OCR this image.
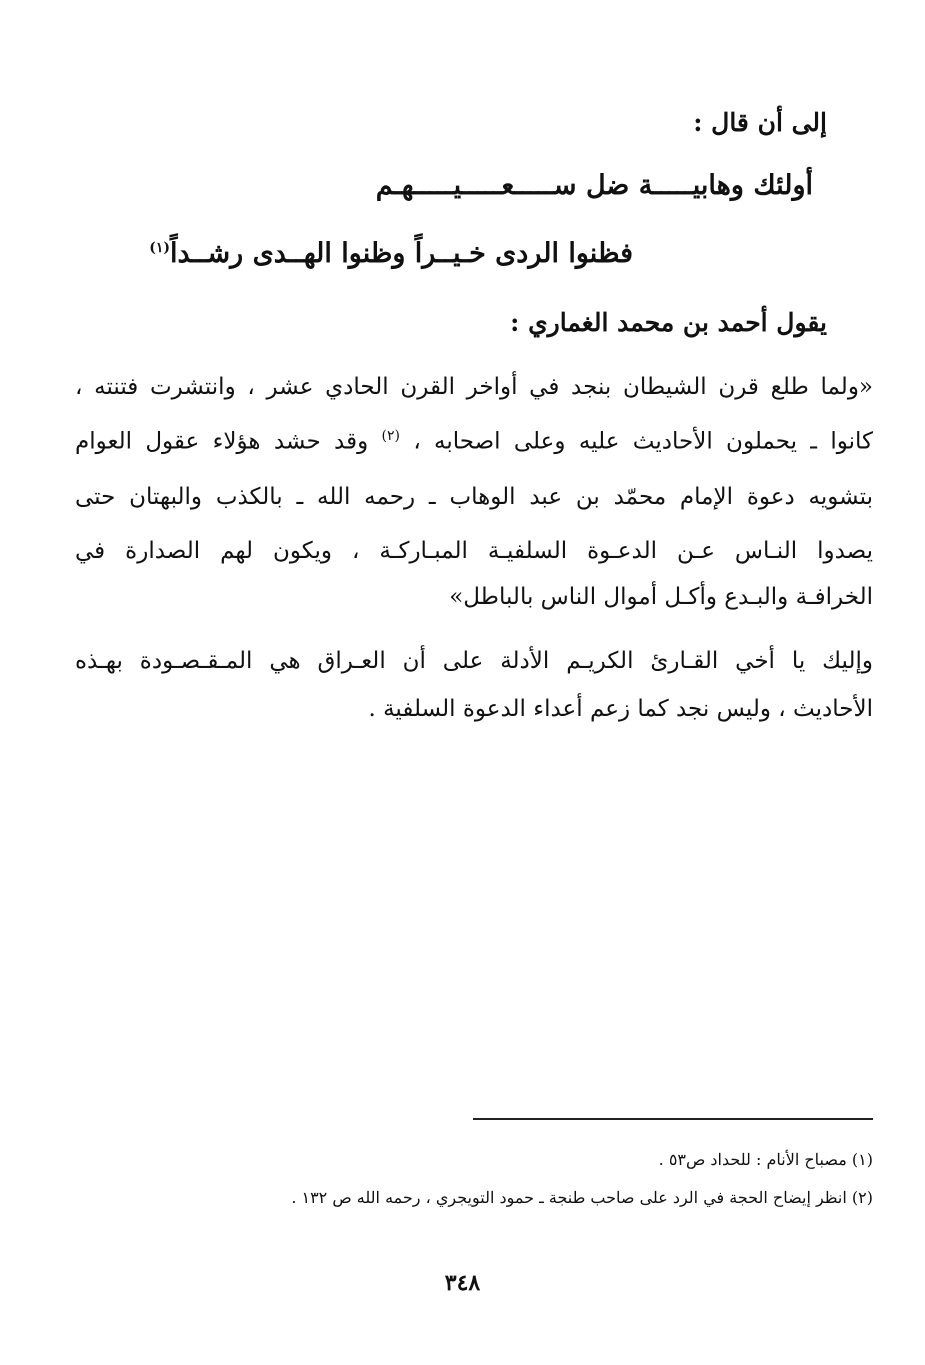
إلى أن قال :
أولئك وهابيـــــة ضل ســـــعـــــيـــــهـم
فظنوا الردى خـيــراً وظنوا الهــدى رشــداً$^{(١)}$
يقول أحمد بن محمد الغماري :
«ولما طلع قرن الشيطان بنجد في أواخر القرن الحادي عشر ، وانتشرت فتنته ،
كانوا ـ يحملون الأحاديث عليه وعلى اصحابه ، $^{(٢)}$ وقد حشد هؤلاء عقول العوام
بتشويه دعوة الإمام محمّد بن عبد الوهاب ـ رحمه الله ـ بالكذب والبهتان حتى
يصدوا النـاس عـن الدعـوة السلفيـة المبـاركـة ، ويكون لهم الصدارة في
الخرافـة والبـدع وأكـل أموال الناس بالباطل»
وإليك يا أخي القـارئ الكريـم الأدلة على أن العـراق هي المـقـصـودة بهـذه
الأحاديث ، وليس نجد كما زعم أعداء الدعوة السلفية .
(١) مصباح الأنام : للحداد ص٥٣ .
(٢) انظر إيضاح الحجة في الرد على صاحب طنجة ـ حمود التويجري ، رحمه الله ص ١٣٢ .
٣٤٨
